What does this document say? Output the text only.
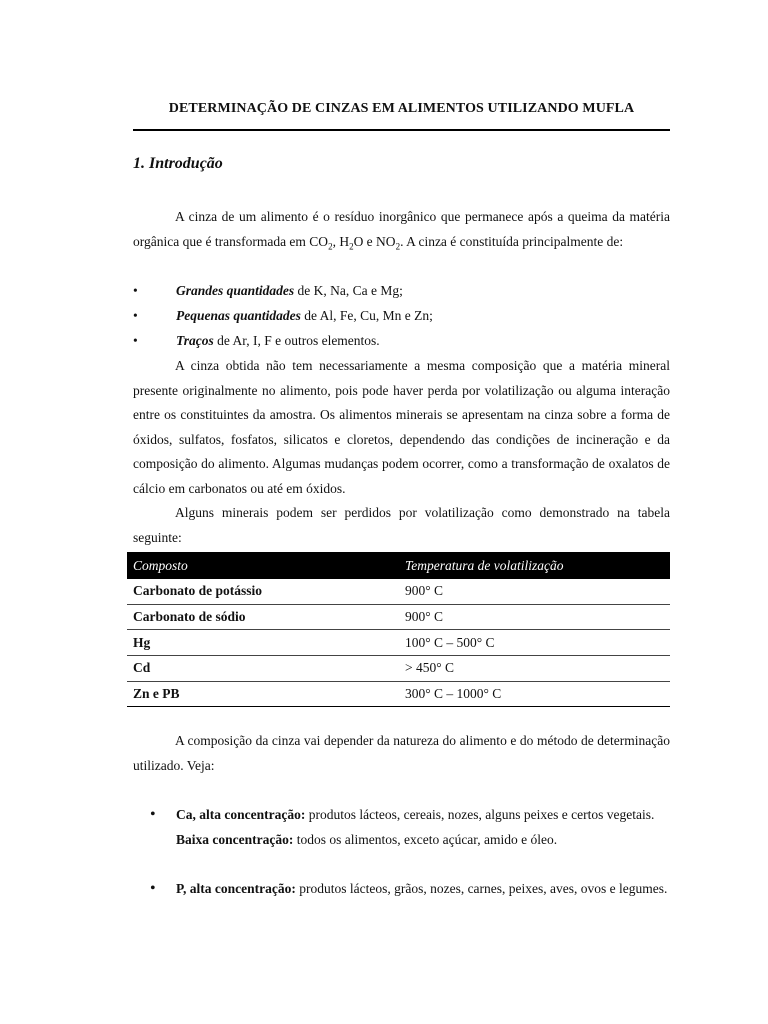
DETERMINAÇÃO DE CINZAS EM ALIMENTOS UTILIZANDO MUFLA
1. Introdução

A cinza de um alimento é o resíduo inorgânico que permanece após a queima da matéria orgânica que é transformada em $CO_2$, $H_2O$ e $NO_2$. A cinza é constituída principalmente de:

•	Grandes quantidades de K, Na, Ca e Mg;
•	Pequenas quantidades de Al, Fe, Cu, Mn e Zn;
•	Traços de Ar, I, F e outros elementos.

A cinza obtida não tem necessariamente a mesma composição que a matéria mineral presente originalmente no alimento, pois pode haver perda por volatilização ou alguma interação entre os constituintes da amostra. Os alimentos minerais se apresentam na cinza sobre a forma de óxidos, sulfatos, fosfatos, silicatos e cloretos, dependendo das condições de incineração e da composição do alimento. Algumas mudanças podem ocorrer, como a transformação de oxalatos de cálcio em carbonatos ou até em óxidos.

Alguns minerais podem ser perdidos por volatilização como demonstrado na tabela seguinte:

Composto	Temperatura de volatilização
Carbonato de potássio	900° C
Carbonato de sódio	900° C
Hg	100° C – 500° C
Cd	> 450° C
Zn e PB	300° C – 1000° C

A composição da cinza vai depender da natureza do alimento e do método de determinação utilizado. Veja:

• Ca, alta concentração: produtos lácteos, cereais, nozes, alguns peixes e certos vegetais.
Baixa concentração: todos os alimentos, exceto açúcar, amido e óleo.
• P, alta concentração: produtos lácteos, grãos, nozes, carnes, peixes, aves, ovos e legumes.
